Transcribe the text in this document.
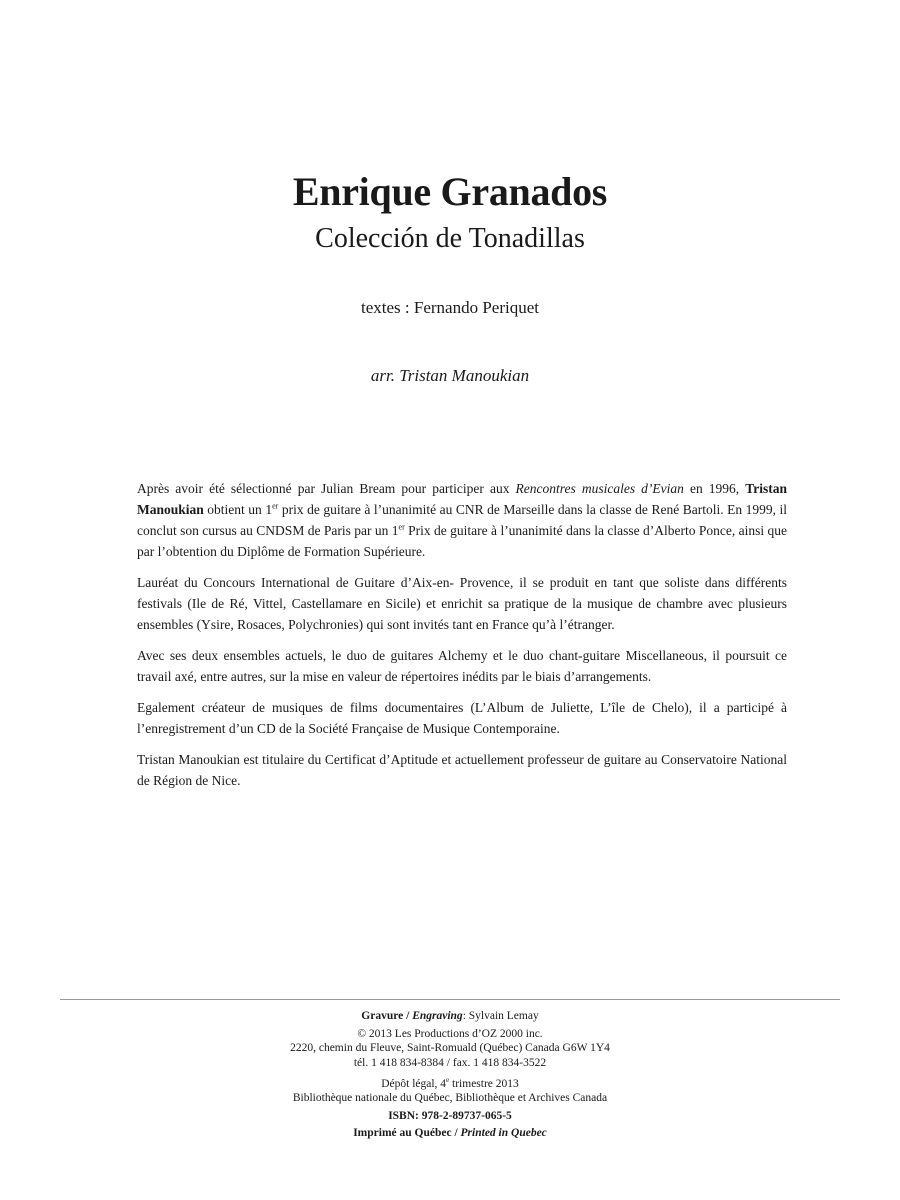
Enrique Granados
Colección de Tonadillas
textes : Fernando Periquet
arr. Tristan Manoukian

Après avoir été sélectionné par Julian Bream pour participer aux Rencontres musicales d’Evian en 1996, Tristan Manoukian obtient un 1er prix de guitare à l’unanimité au CNR de Marseille dans la classe de René Bartoli. En 1999, il conclut son cursus au CNDSM de Paris par un 1er Prix de guitare à l’unanimité dans la classe d’Alberto Ponce, ainsi que par l’obtention du Diplôme de Formation Supérieure.

Lauréat du Concours International de Guitare d’Aix-en- Provence, il se produit en tant que soliste dans différents festivals (Ile de Ré, Vittel, Castellamare en Sicile) et enrichit sa pratique de la musique de chambre avec plusieurs ensembles (Ysire, Rosaces, Polychronies) qui sont invités tant en France qu’à l’étranger.

Avec ses deux ensembles actuels, le duo de guitares Alchemy et le duo chant-guitare Miscellaneous, il poursuit ce travail axé, entre autres, sur la mise en valeur de répertoires inédits par le biais d’arrangements.

Egalement créateur de musiques de films documentaires (L’Album de Juliette, L’île de Chelo), il a participé à l’enregistrement d’un CD de la Société Française de Musique Contemporaine.

Tristan Manoukian est titulaire du Certificat d’Aptitude et actuellement professeur de guitare au Conservatoire National de Région de Nice.

Gravure / Engraving: Sylvain Lemay
© 2013 Les Productions d’OZ 2000 inc.
2220, chemin du Fleuve, Saint-Romuald (Québec) Canada G6W 1Y4
tél. 1 418 834-8384 / fax. 1 418 834-3522
Dépôt légal, 4e trimestre 2013
Bibliothèque nationale du Québec, Bibliothèque et Archives Canada
ISBN: 978-2-89737-065-5
Imprimé au Québec / Printed in Quebec
